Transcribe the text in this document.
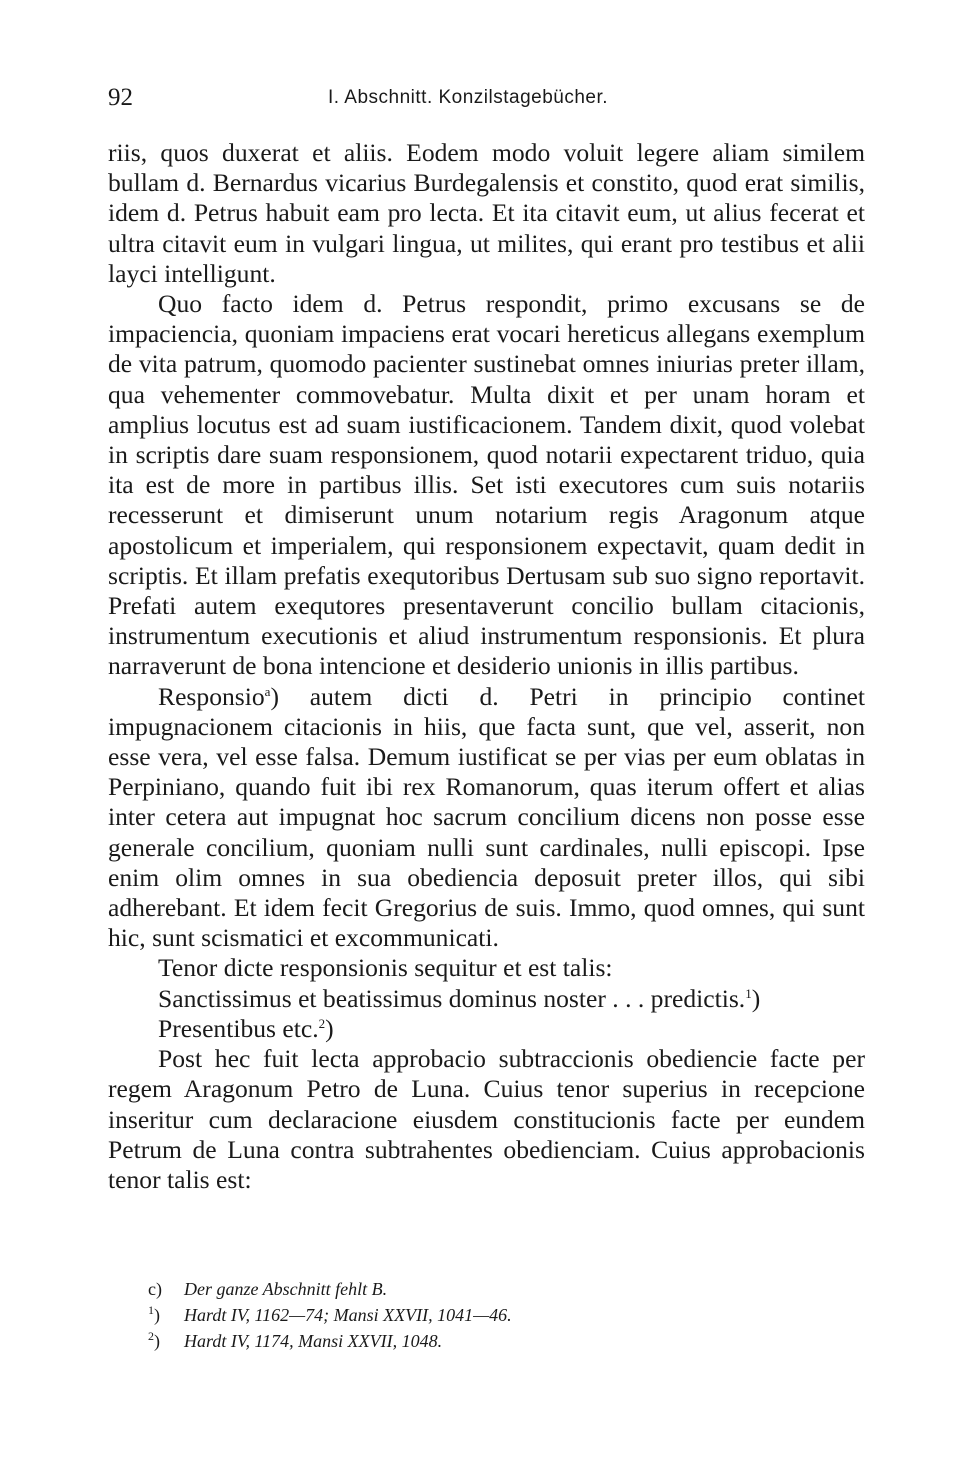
92	I. Abschnitt. Konzilstagebücher.

riis, quos duxerat et aliis. Eodem modo voluit legere aliam similem bullam d. Bernardus vicarius Burdegalensis et constito, quod erat similis, idem d. Petrus habuit eam pro lecta. Et ita citavit eum, ut alius fecerat et ultra citavit eum in vulgari lingua, ut milites, qui erant pro testibus et alii layci intelligunt.

Quo facto idem d. Petrus respondit, primo excusans se de impaciencia, quoniam impaciens erat vocari hereticus allegans exemplum de vita patrum, quomodo pacienter sustinebat omnes iniurias preter illam, qua vehementer commovebatur. Multa dixit et per unam horam et amplius locutus est ad suam iustificacionem. Tandem dixit, quod volebat in scriptis dare suam responsionem, quod notarii expectarent triduo, quia ita est de more in partibus illis. Set isti executores cum suis notariis recesserunt et dimiserunt unum notarium regis Aragonum atque apostolicum et imperialem, qui responsionem expectavit, quam dedit in scriptis. Et illam prefatis exequtoribus Dertusam sub suo signo reportavit. Prefati autem exequtores presentaverunt concilio bullam citacionis, instrumentum executionis et aliud instrumentum responsionis. Et plura narraverunt de bona intencione et desiderio unionis in illis partibus.

Responsio$^a$) autem dicti d. Petri in principio continet impugnacionem citacionis in hiis, que facta sunt, que vel, asserit, non esse vera, vel esse falsa. Demum iustificat se per vias per eum oblatas in Perpiniano, quando fuit ibi rex Romanorum, quas iterum offert et alias inter cetera aut impugnat hoc sacrum concilium dicens non posse esse generale concilium, quoniam nulli sunt cardinales, nulli episcopi. Ipse enim olim omnes in sua obediencia deposuit preter illos, qui sibi adherebant. Et idem fecit Gregorius de suis. Immo, quod omnes, qui sunt hic, sunt scismatici et excommunicati.

Tenor dicte responsionis sequitur et est talis:

Sanctissimus et beatissimus dominus noster . . . predictis.$^1$)

Presentibus etc.$^2$)

Post hec fuit lecta approbacio subtraccionis obediencie facte per regem Aragonum Petro de Luna. Cuius tenor superius in recepcione inseritur cum declaracione eiusdem constitucionis facte per eundem Petrum de Luna contra subtrahentes obedienciam. Cuius approbacionis tenor talis est:

c) Der ganze Abschnitt fehlt B.

$^1$) Hardt IV, 1162—74; Mansi XXVII, 1041—46.

$^2$) Hardt IV, 1174, Mansi XXVII, 1048.
